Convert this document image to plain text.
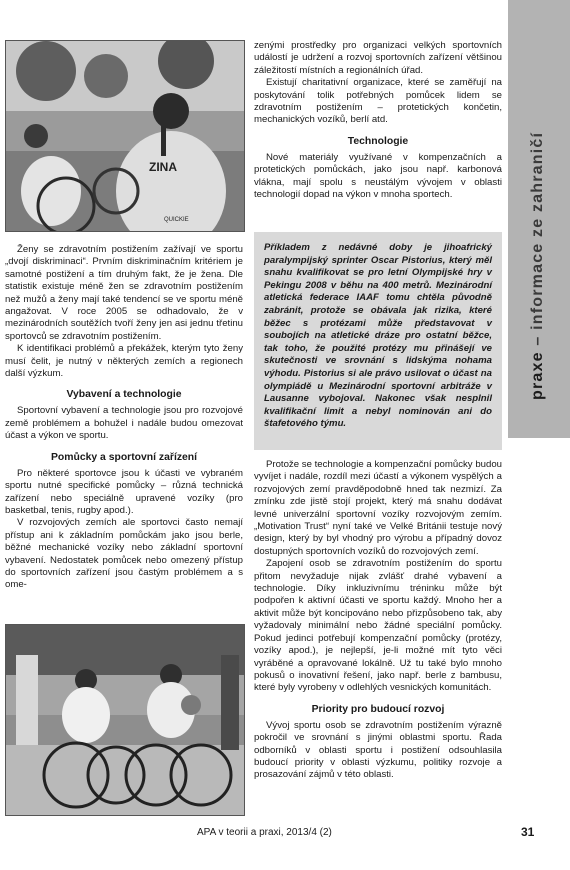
ZINA
QUICKIE

Ženy se zdravotním postižením zažívají ve sportu „dvojí diskriminaci“. Prvním diskriminačním kritériem je samotné postižení a tím druhým fakt, že je žena. Dle statistik existuje méně žen se zdravotním postižením než mužů a ženy mají také tendencí se ve sportu méně angažovat. V roce 2005 se odhadovalo, že v mezinárodních soutěžích tvoří ženy jen asi jednu třetinu sportovců se zdravotním postižením.

K identifikaci problémů a překážek, kterým tyto ženy musí čelit, je nutný v některých zemích a regionech další výzkum.

Vybavení a technologie

Sportovní vybavení a technologie jsou pro rozvojové země problémem a bohužel i nadále budou omezovat účast a výkon ve sportu.

Pomůcky a sportovní zařízení

Pro některé sportovce jsou k účasti ve vybraném sportu nutné specifické pomůcky – různá technická zařízení nebo speciálně upravené vozíky (pro basketbal, tenis, rugby apod.).

V rozvojových zemích ale sportovci často nemají přístup ani k základním pomůckám jako jsou berle, běžné mechanické vozíky nebo základní sportovní vybavení. Nedostatek pomůcek nebo omezený přístup do sportovních zařízení jsou častým problémem a s ome-

zenými prostředky pro organizaci velkých sportovních událostí je udržení a rozvoj sportovních zařízení většinou záležitostí místních a regionálních úřad.

Existují charitativní organizace, které se zaměřují na poskytování tolik potřebných pomůcek lidem se zdravotním postižením – protetických končetin, mechanických vozíků, berlí atd.

Technologie

Nové materiály využívané v kompenzačních a protetických pomůckách, jako jsou např. karbonová vlákna, mají spolu s neustálým vývojem v oblasti technologií dopad na výkon v mnoha sportech.

Příkladem z nedávné doby je jihoafrický paralympijský sprinter Oscar Pistorius, který měl snahu kvalifikovat se pro letní Olympijské hry v Pekingu 2008 v běhu na 400 metrů. Mezinárodní atletická federace IAAF tomu chtěla původně zabránit, protože se obávala jak rizika, které běžec s protézami může představovat v soubojích na atletické dráze pro ostatní běžce, tak toho, že použité protézy mu přinášejí ve skutečnosti ve srovnání s lidskýma nohama výhodu. Pistorius si ale právo usilovat o účast na olympiádě u Mezinárodní sportovní arbitráže v Lausanne vybojoval. Nakonec však nesplnil kvalifikační limit a nebyl nominován ani do štafetového týmu.

Protože se technologie a kompenzační pomůcky budou vyvíjet i nadále, rozdíl mezi účastí a výkonem vyspělých a rozvojových zemí pravděpodobně hned tak nezmizí. Za zmínku zde jistě stojí projekt, který má snahu dodávat levné univerzální sportovní vozíky rozvojovým zemím. „Motivation Trust“ nyní také ve Velké Británii testuje nový design, který by byl vhodný pro výrobu a případný dovoz dostupných sportovních vozíků do rozvojových zemí.

Zapojení osob se zdravotním postižením do sportu přitom nevyžaduje nijak zvlášť drahé vybavení a technologie. Díky inkluzivnímu tréninku může být podpořen k aktivní účasti ve sportu každý. Mnoho her a aktivit může být koncipováno nebo přizpůsobeno tak, aby vyžadovaly minimální nebo žádné speciální pomůcky. Pokud jedinci potřebují kompenzační pomůcky (protézy, vozíky apod.), je nejlepší, je-li možné mít tyto věci vyráběné a opravované lokálně. Už tu také bylo mnoho pokusů o inovativní řešení, jako např. berle z bambusu, které byly vyrobeny v odlehlých vesnických komunitách.

Priority pro budoucí rozvoj

Vývoj sportu osob se zdravotním postižením výrazně pokročil ve srovnání s jinými oblastmi sportu. Řada odborníků v oblasti sportu i postižení odsouhlasila budoucí priority v oblasti výzkumu, politiky rozvoje a prosazování zájmů v této oblasti.

praxe – informace ze zahraničí
APA v teorii a praxi, 2013/4 (2)	31
